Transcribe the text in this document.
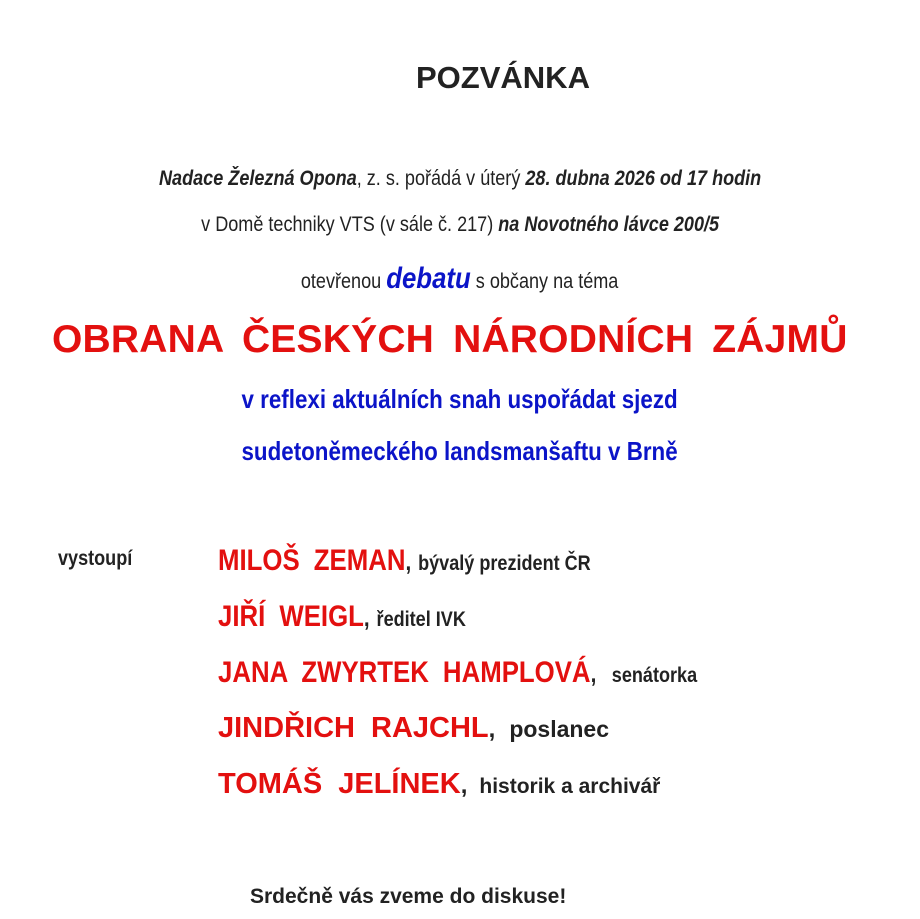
POZVÁNKA
Nadace Železná Opona, z. s. pořádá v úterý 28. dubna 2026 od 17 hodin
v Domě techniky VTS (v sále č. 217) na Novotného lávce 200/5
otevřenou debatu s občany na téma
OBRANA ČESKÝCH NÁRODNÍCH ZÁJMŮ
v reflexi aktuálních snah uspořádat sjezd
sudetoněmeckého landsmanšaftu v Brně
vystoupí	MILOŠ ZEMAN, bývalý prezident ČR
JIŘÍ WEIGL, ředitel IVK
JANA ZWYRTEK HAMPLOVÁ, senátorka
JINDŘICH RAJCHL, poslanec
TOMÁŠ JELÍNEK, historik a archivář
Srdečně vás zveme do diskuse!
